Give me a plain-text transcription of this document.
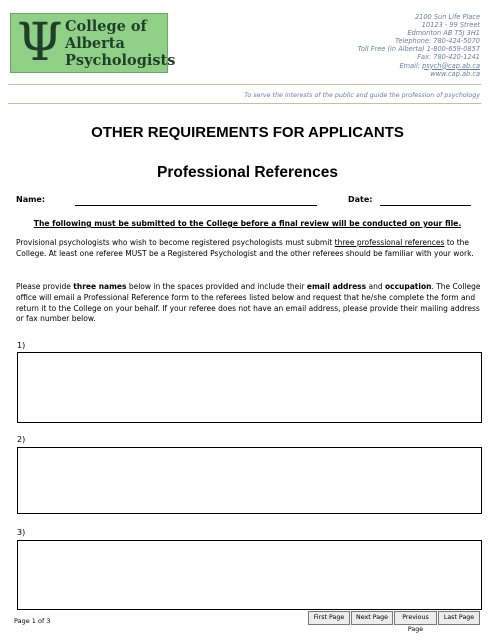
Ψ College of
Alberta
Psychologists
2100 Sun Life Place
10123 - 99 Street
Edmonton AB T5J 3H1
Telephone: 780-424-5070
Toll Free (in Alberta) 1-800-659-0857
Fax: 780-420-1241
Email: psych@cap.ab.ca
www.cap.ab.ca
To serve the interests of the public and guide the profession of psychology
OTHER REQUIREMENTS FOR APPLICANTS
Professional References
Name:	Date:
The following must be submitted to the College before a final review will be conducted on your file.
Provisional psychologists who wish to become registered psychologists must submit three professional references to the College. At least one referee MUST be a Registered Psychologist and the other referees should be familiar with your work.
Please provide three names below in the spaces provided and include their email address and occupation. The College office will email a Professional Reference form to the referees listed below and request that he/she complete the form and return it to the College on your behalf. If your referee does not have an email address, please provide their mailing address or fax number below.
1)
2)
3)
Page 1 of 3	First Page	Next Page	Previous Page
Last Page
